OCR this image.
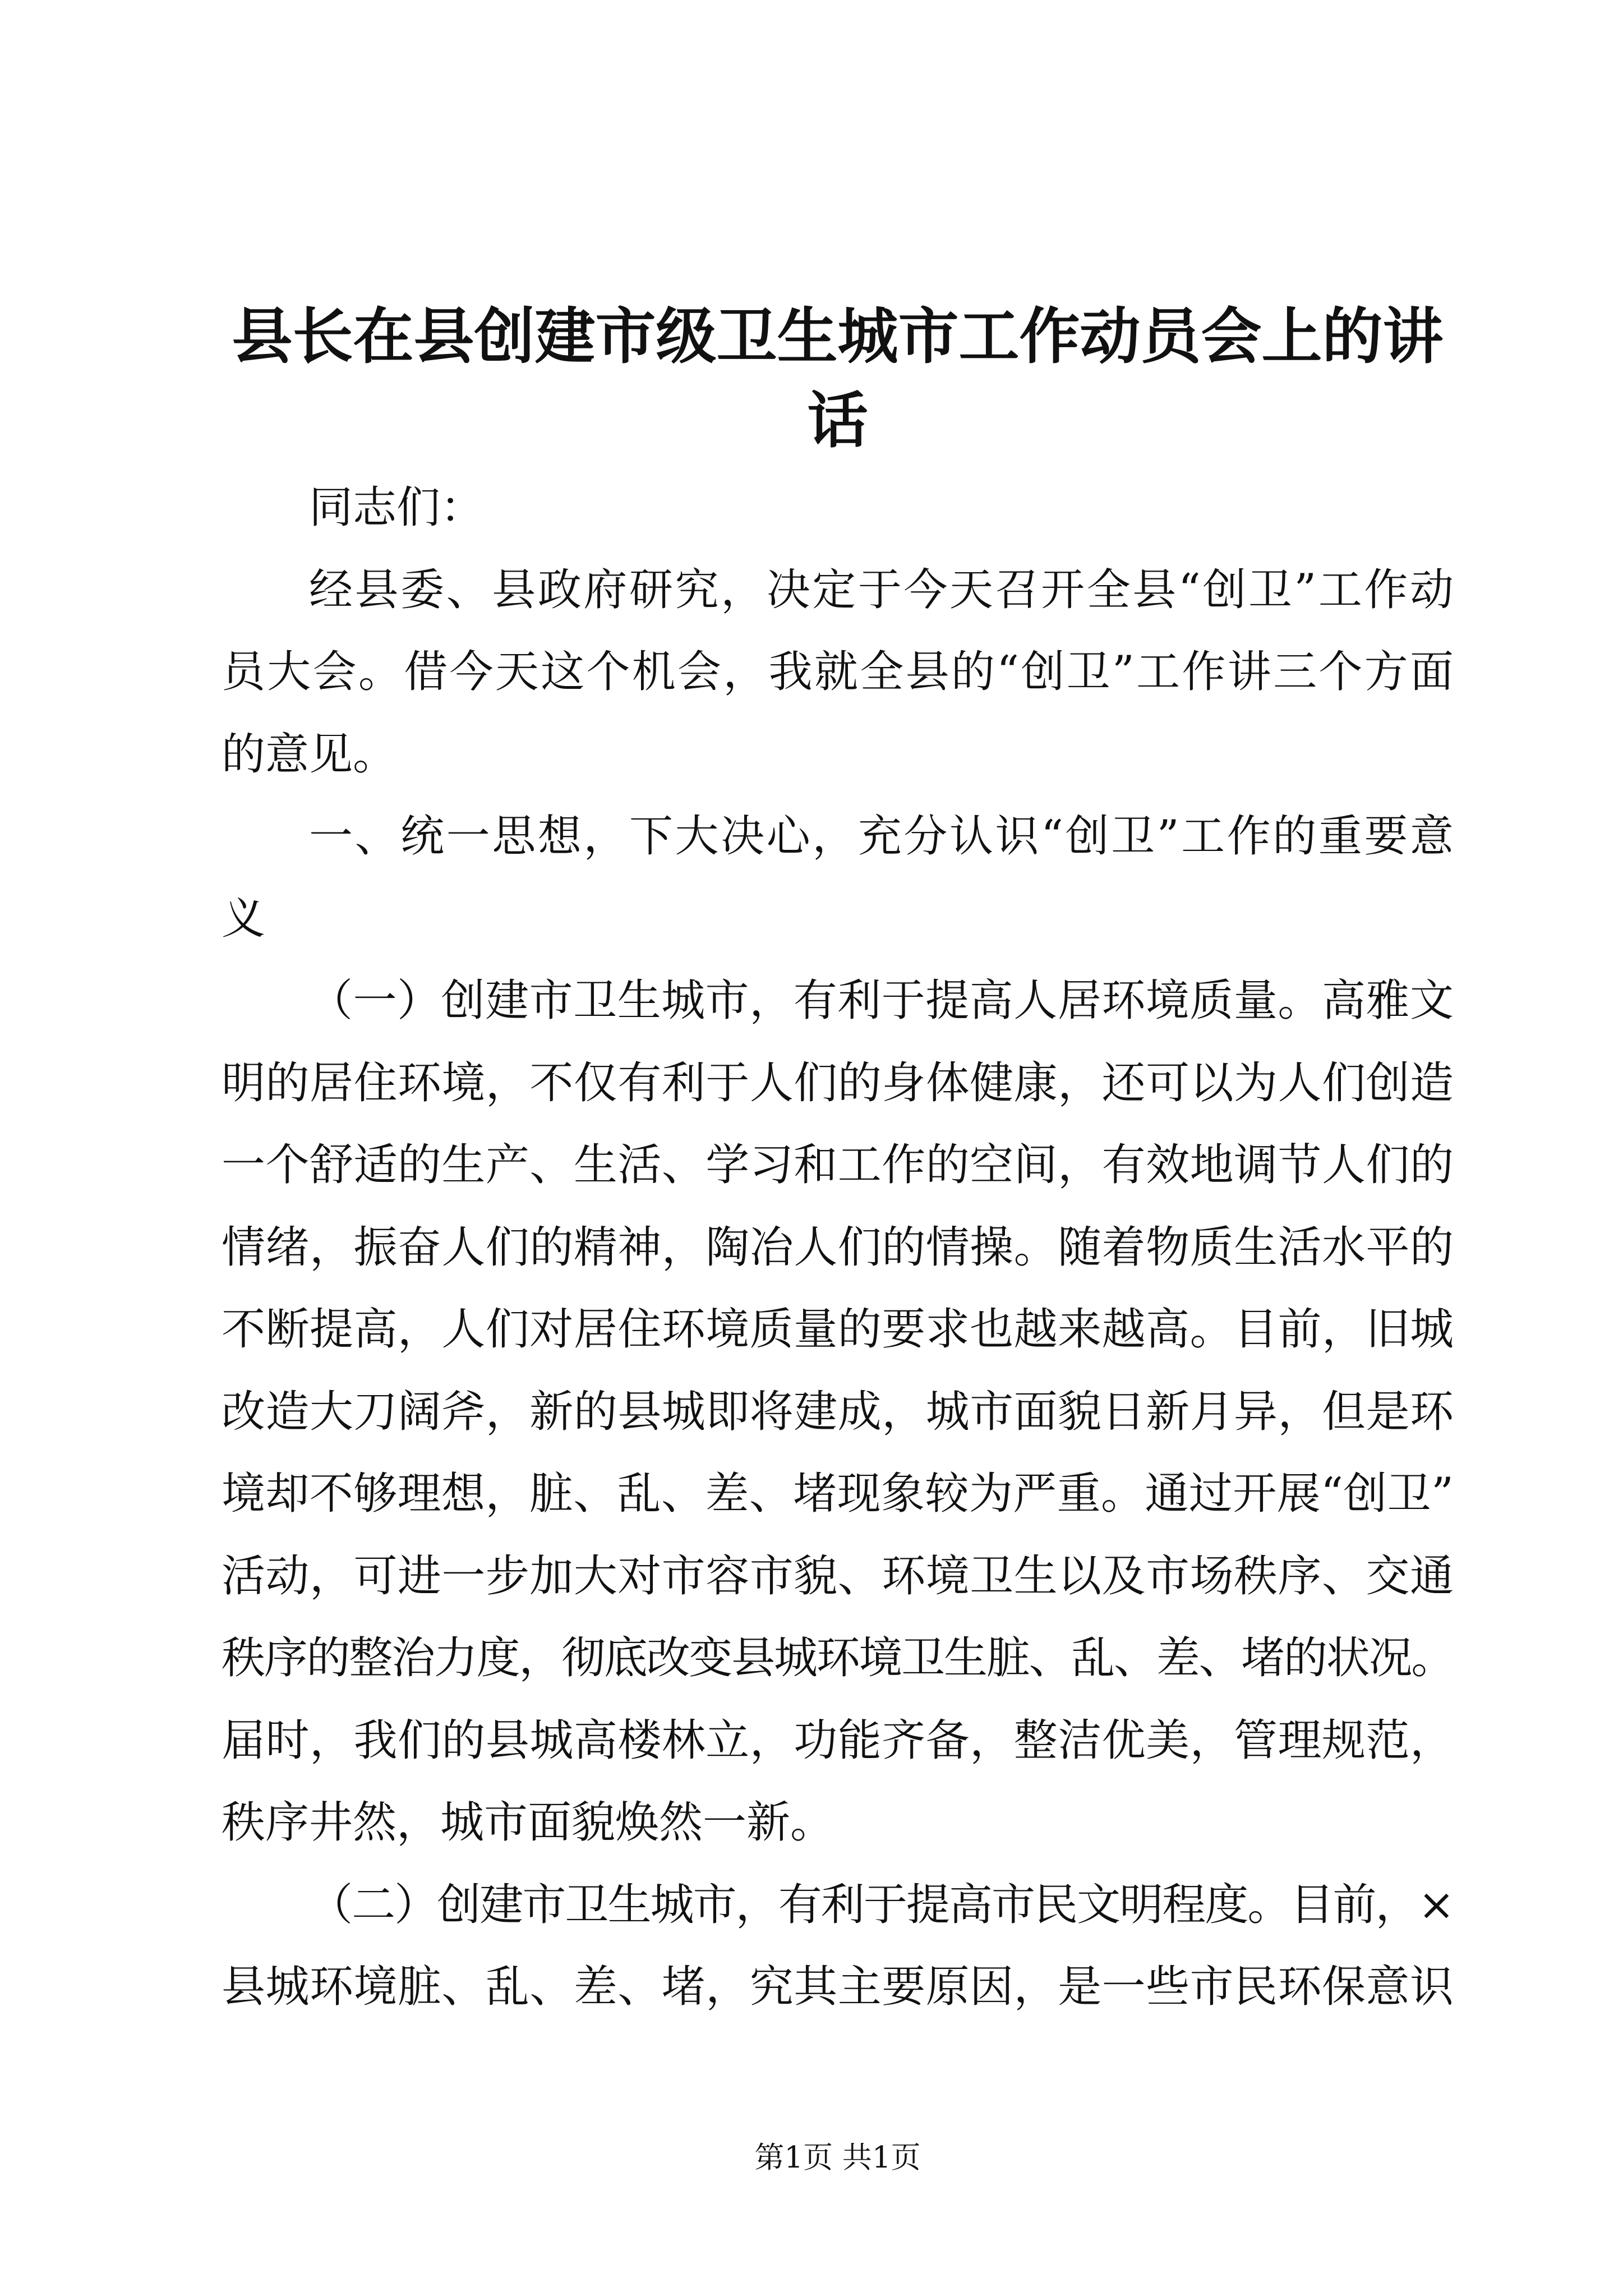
县长在县创建市级卫生城市工作动员会上的讲
话
同志们：
经县委、县政府研究，决定于今天召开全县“创卫”工作动
员大会。借今天这个机会，我就全县的“创卫”工作讲三个方面
的意见。
一、统一思想，下大决心，充分认识“创卫”工作的重要意
义
（一）创建市卫生城市，有利于提高人居环境质量。高雅文
明的居住环境，不仅有利于人们的身体健康，还可以为人们创造
一个舒适的生产、生活、学习和工作的空间，有效地调节人们的
情绪，振奋人们的精神，陶冶人们的情操。随着物质生活水平的
不断提高，人们对居住环境质量的要求也越来越高。目前，旧城
改造大刀阔斧，新的县城即将建成，城市面貌日新月异，但是环
境却不够理想，脏、乱、差、堵现象较为严重。通过开展“创卫”
活动，可进一步加大对市容市貌、环境卫生以及市场秩序、交通
秩序的整治力度，彻底改变县城环境卫生脏、乱、差、堵的状况。
届时，我们的县城高楼林立，功能齐备，整洁优美，管理规范，
秩序井然，城市面貌焕然一新。
（二）创建市卫生城市，有利于提高市民文明程度。目前，×
县城环境脏、乱、差、堵，究其主要原因，是一些市民环保意识
第1页 共1页
